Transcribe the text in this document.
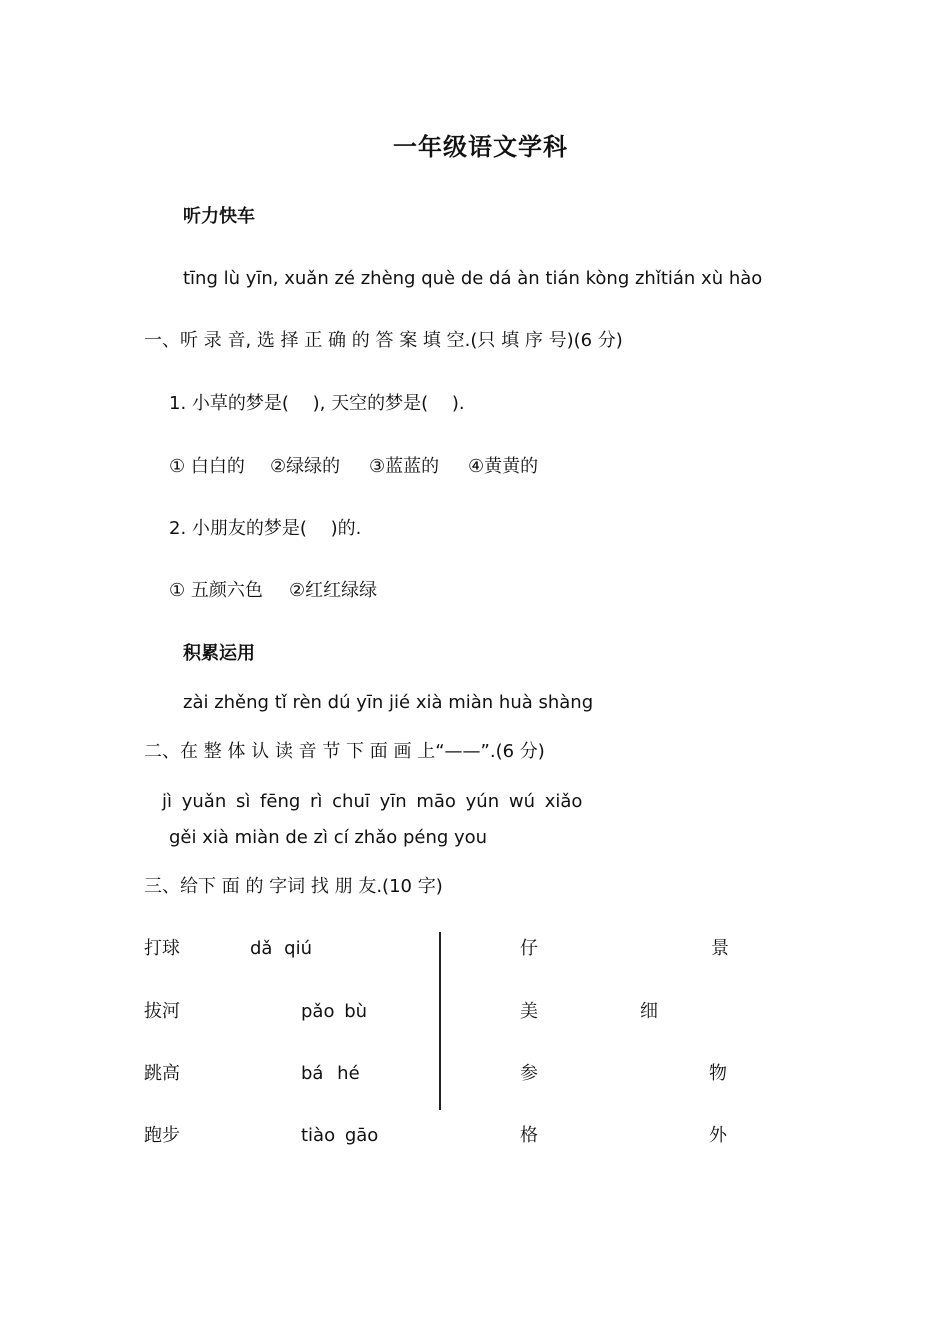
一年级语文学科
听力快车
tīng lù yīn, xuǎn zé zhèng què de dá àn tián kòng zhǐtián xù hào
一、听 录 音, 选 择 正 确 的 答 案 填 空.(只 填 序 号)(6 分)
1. 小草的梦是(　 ), 天空的梦是(　 ).
① 白白的 ②绿绿的 ③蓝蓝的 ④黄黄的
2. 小朋友的梦是(　 )的.
① 五颜六色 ②红红绿绿
积累运用
zài zhěng tǐ rèn dú yīn jié xià miàn huà shàng
二、在 整 体 认 读 音 节 下 面 画 上“——”.(6 分)
jì yuǎn sì fēng rì chuī yīn māo yún wú xiǎo
gěi xià miàn de zì cí zhǎo péng you
三、给下 面 的 字词 找 朋 友.(10 字)
打球	dǎ qiú
拔河	pǎo bù
跳高	bá hé
跑步	tiào gāo
仔	景
美	细
参	物
格	外
